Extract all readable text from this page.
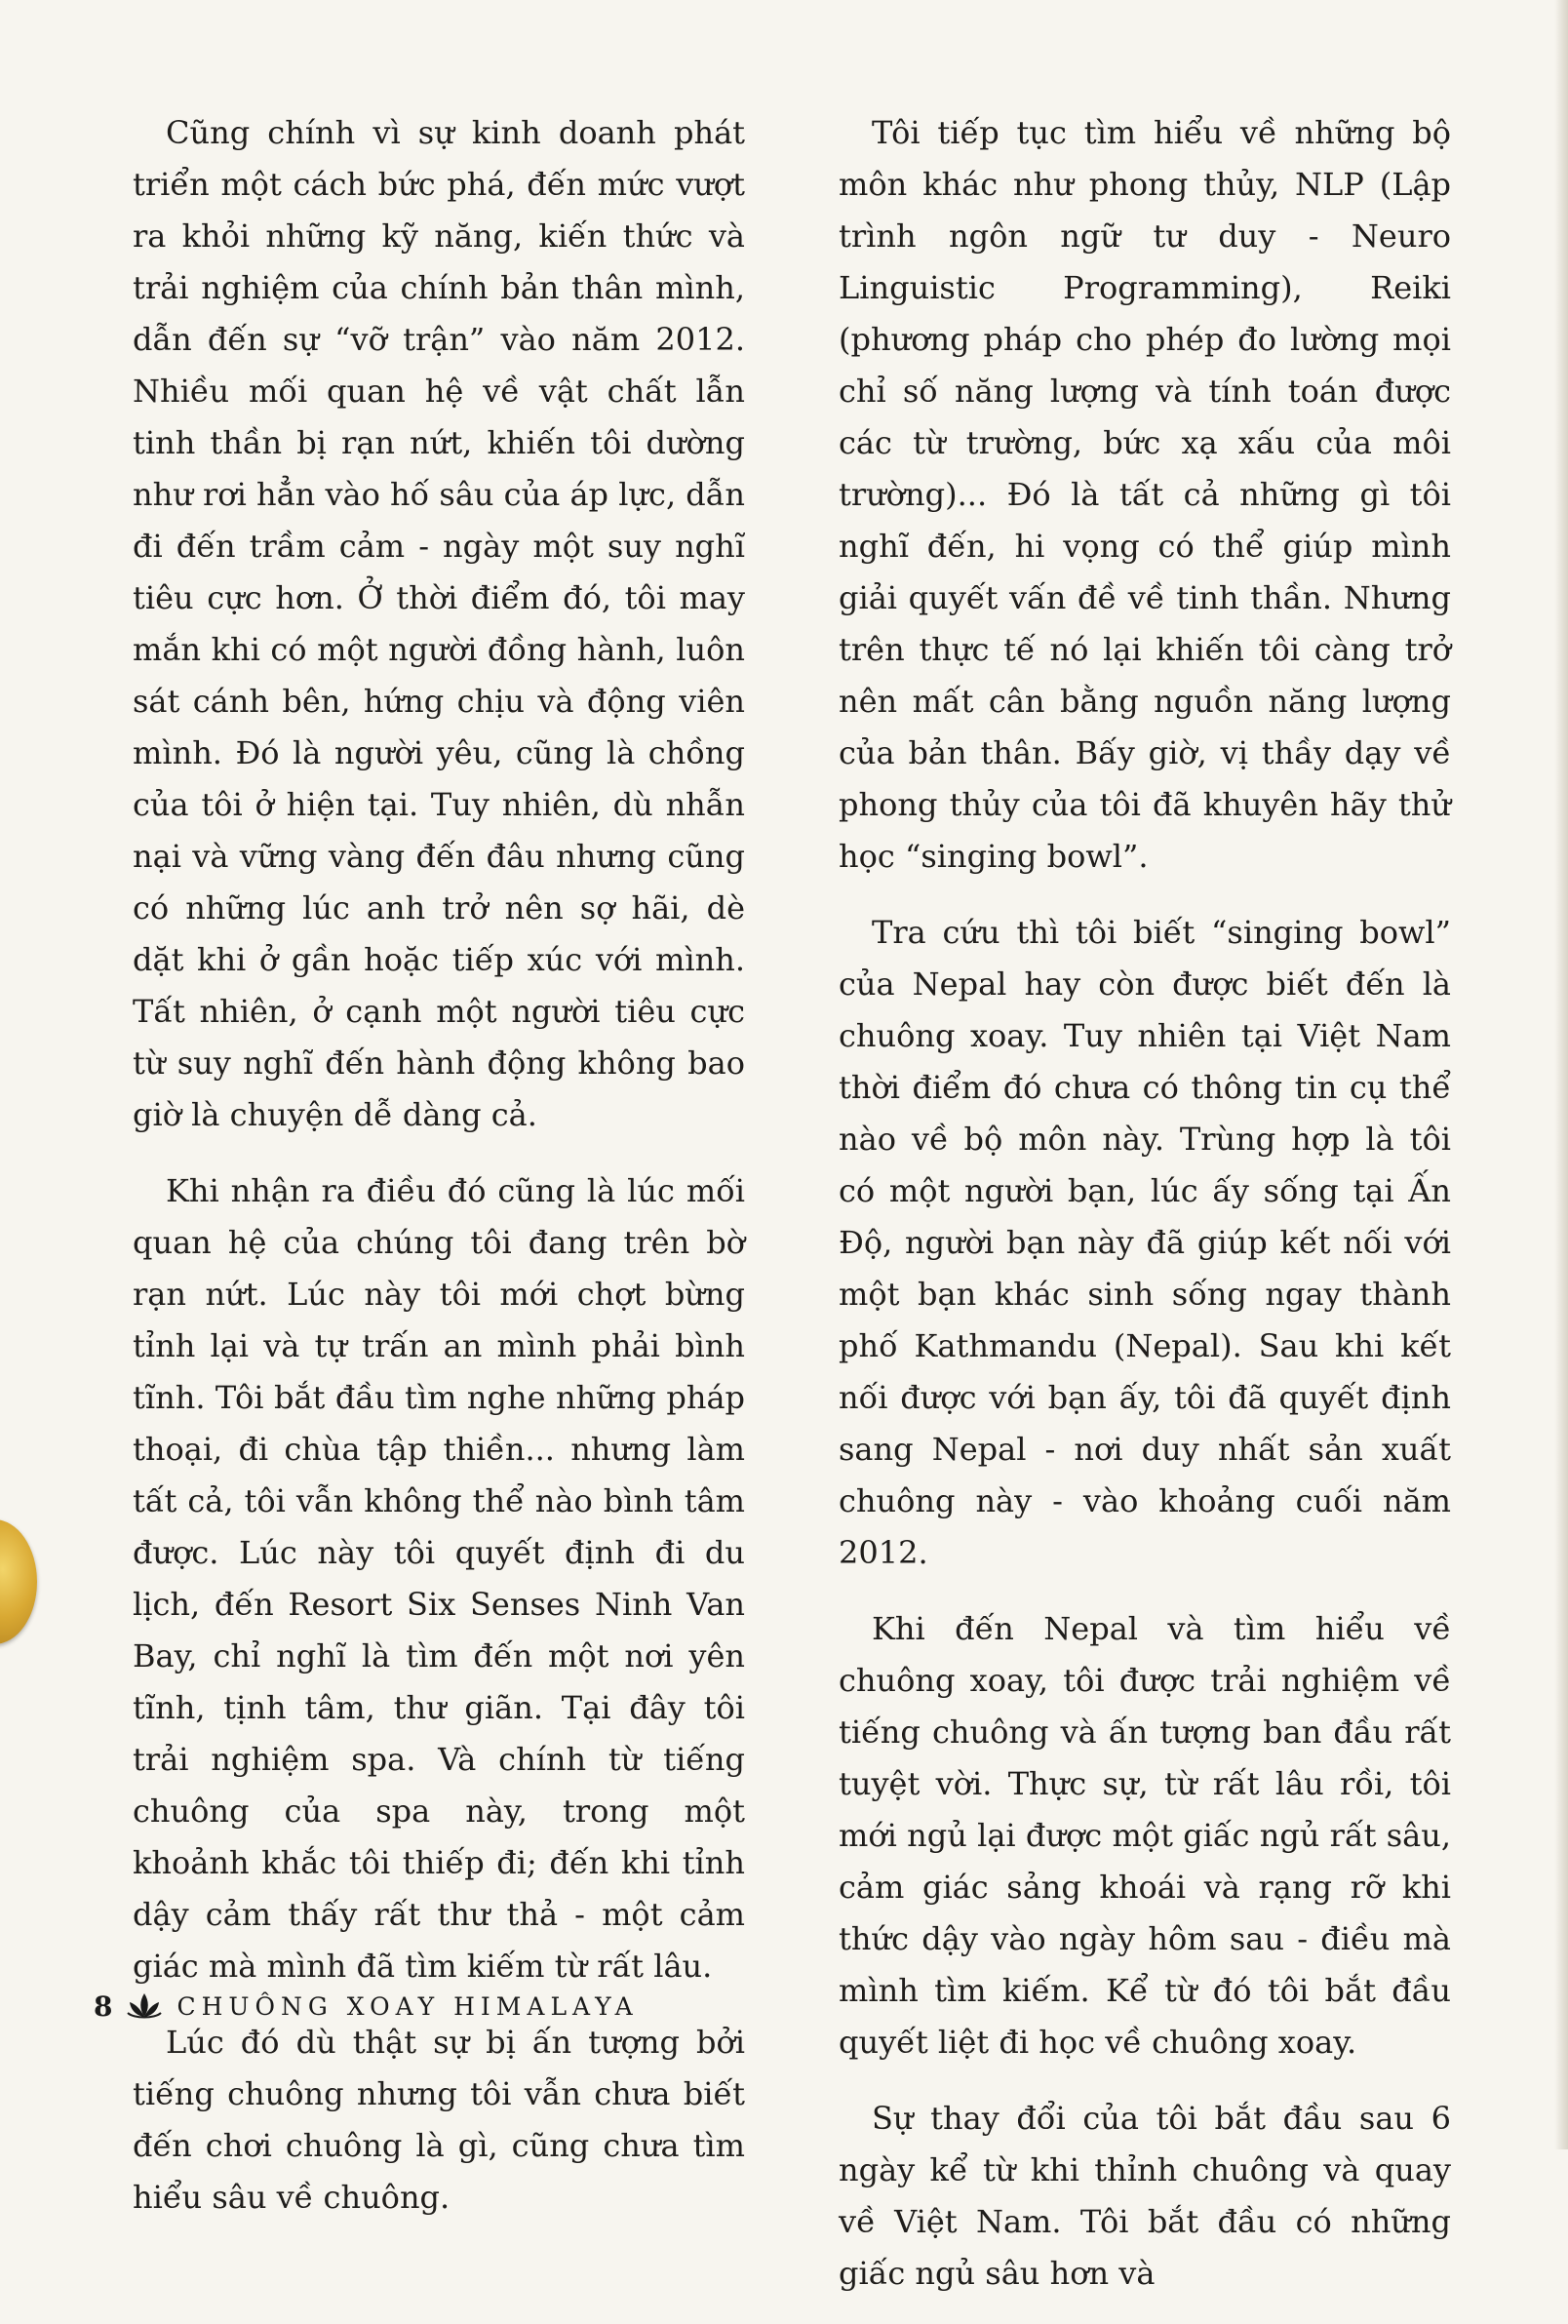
Cũng chính vì sự kinh doanh phát triển một cách bức phá, đến mức vượt ra khỏi những kỹ năng, kiến thức và trải nghiệm của chính bản thân mình, dẫn đến sự “vỡ trận” vào năm 2012. Nhiều mối quan hệ về vật chất lẫn tinh thần bị rạn nứt, khiến tôi dường như rơi hẳn vào hố sâu của áp lực, dẫn đi đến trầm cảm - ngày một suy nghĩ tiêu cực hơn. Ở thời điểm đó, tôi may mắn khi có một người đồng hành, luôn sát cánh bên, hứng chịu và động viên mình. Đó là người yêu, cũng là chồng của tôi ở hiện tại. Tuy nhiên, dù nhẫn nại và vững vàng đến đâu nhưng cũng có những lúc anh trở nên sợ hãi, dè dặt khi ở gần hoặc tiếp xúc với mình. Tất nhiên, ở cạnh một người tiêu cực từ suy nghĩ đến hành động không bao giờ là chuyện dễ dàng cả.

Khi nhận ra điều đó cũng là lúc mối quan hệ của chúng tôi đang trên bờ rạn nứt. Lúc này tôi mới chợt bừng tỉnh lại và tự trấn an mình phải bình tĩnh. Tôi bắt đầu tìm nghe những pháp thoại, đi chùa tập thiền... nhưng làm tất cả, tôi vẫn không thể nào bình tâm được. Lúc này tôi quyết định đi du lịch, đến Resort Six Senses Ninh Van Bay, chỉ nghĩ là tìm đến một nơi yên tĩnh, tịnh tâm, thư giãn. Tại đây tôi trải nghiệm spa. Và chính từ tiếng chuông của spa này, trong một khoảnh khắc tôi thiếp đi; đến khi tỉnh dậy cảm thấy rất thư thả - một cảm giác mà mình đã tìm kiếm từ rất lâu.

Lúc đó dù thật sự bị ấn tượng bởi tiếng chuông nhưng tôi vẫn chưa biết đến chơi chuông là gì, cũng chưa tìm hiểu sâu về chuông.

Tôi tiếp tục tìm hiểu về những bộ môn khác như phong thủy, NLP (Lập trình ngôn ngữ tư duy - Neuro Linguistic Programming), Reiki (phương pháp cho phép đo lường mọi chỉ số năng lượng và tính toán được các từ trường, bức xạ xấu của môi trường)... Đó là tất cả những gì tôi nghĩ đến, hi vọng có thể giúp mình giải quyết vấn đề về tinh thần. Nhưng trên thực tế nó lại khiến tôi càng trở nên mất cân bằng nguồn năng lượng của bản thân. Bấy giờ, vị thầy dạy về phong thủy của tôi đã khuyên hãy thử học “singing bowl”.

Tra cứu thì tôi biết “singing bowl” của Nepal hay còn được biết đến là chuông xoay. Tuy nhiên tại Việt Nam thời điểm đó chưa có thông tin cụ thể nào về bộ môn này. Trùng hợp là tôi có một người bạn, lúc ấy sống tại Ấn Độ, người bạn này đã giúp kết nối với một bạn khác sinh sống ngay thành phố Kathmandu (Nepal). Sau khi kết nối được với bạn ấy, tôi đã quyết định sang Nepal - nơi duy nhất sản xuất chuông này - vào khoảng cuối năm 2012.

Khi đến Nepal và tìm hiểu về chuông xoay, tôi được trải nghiệm về tiếng chuông và ấn tượng ban đầu rất tuyệt vời. Thực sự, từ rất lâu rồi, tôi mới ngủ lại được một giấc ngủ rất sâu, cảm giác sảng khoái và rạng rỡ khi thức dậy vào ngày hôm sau - điều mà mình tìm kiếm. Kể từ đó tôi bắt đầu quyết liệt đi học về chuông xoay.

Sự thay đổi của tôi bắt đầu sau 6 ngày kể từ khi thỉnh chuông và quay về Việt Nam. Tôi bắt đầu có những giấc ngủ sâu hơn và

8	CHUÔNG XOAY HIMALAYA
